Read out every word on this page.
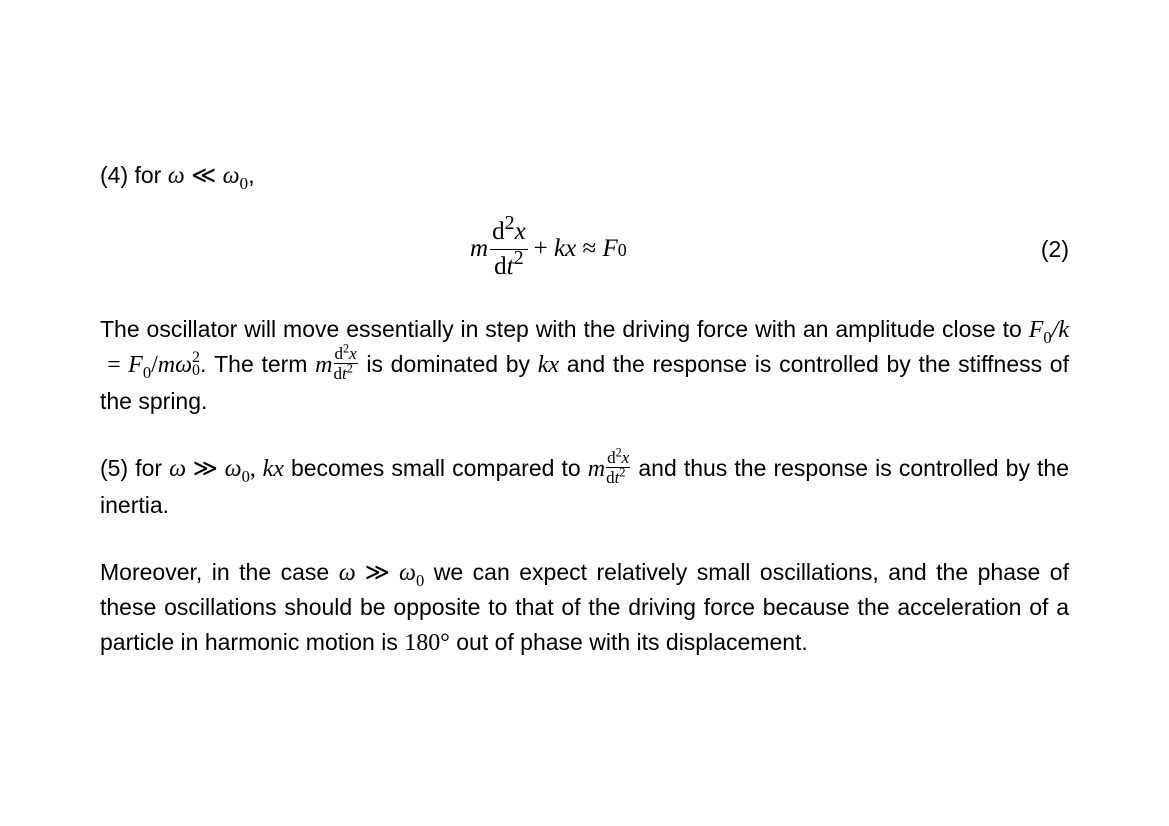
(4) for ω ≪ $\omega_0$,

m $\frac{d^2x}{dt^2}$ + kx ≈ F 0	(2)

The oscillator will move essentially in step with the driving force with an amplitude close to $F_0/k = F_0/m\omega$ 2
0 . The term m $\frac{d^2x}{dt^2}$ is dominated by kx and the response is controlled by the stiffness of the spring.

(5) for ω ≫ $\omega_0$, kx becomes small compared to m $\frac{d^2x}{dt^2}$ and thus the response is controlled by the inertia.

Moreover, in the case ω ≫ $\omega_0$ we can expect relatively small oscillations, and the phase of these oscillations should be opposite to that of the driving force because the acceleration of a particle in harmonic motion is 180° out of phase with its displacement.
